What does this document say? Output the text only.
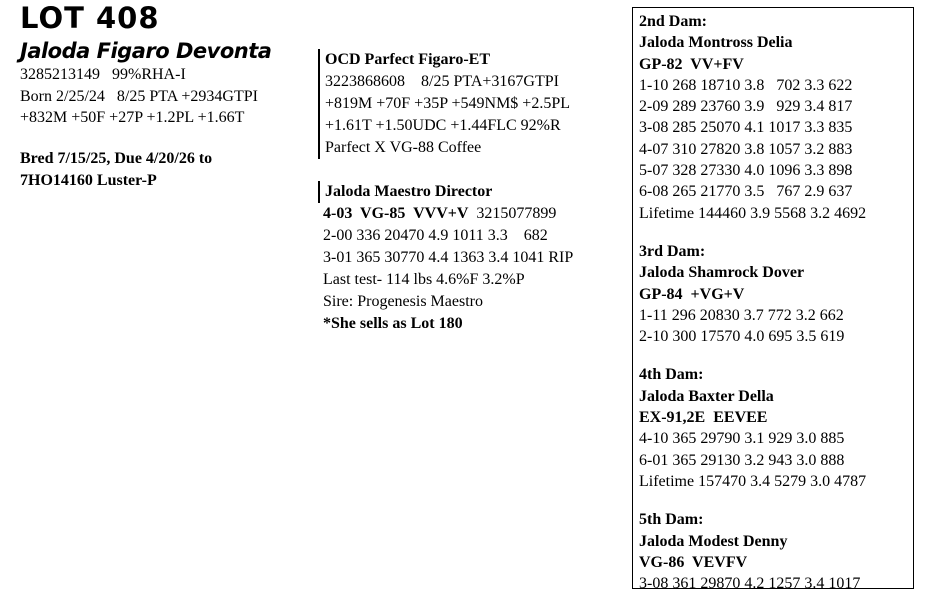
LOT 408
Jaloda Figaro Devonta
3285213149   99%RHA-I
Born 2/25/24   8/25 PTA +2934GTPI
+832M +50F +27P +1.2PL +1.66T
Bred 7/15/25, Due 4/20/26 to
7HO14160 Luster-P
OCD Parfect Figaro-ET
3223868608    8/25 PTA+3167GTPI
+819M +70F +35P +549NM$ +2.5PL
+1.61T +1.50UDC +1.44FLC 92%R
Parfect X VG-88 Coffee
Jaloda Maestro Director
4-03  VG-85  VVV+V  3215077899
2-00 336 20470 4.9 1011 3.3    682
3-01 365 30770 4.4 1363 3.4 1041 RIP
Last test- 114 lbs 4.6%F 3.2%P
Sire: Progenesis Maestro
*She sells as Lot 180
2nd Dam:
Jaloda Montross Delia
GP-82  VV+FV
1-10 268 18710 3.8   702 3.3 622
2-09 289 23760 3.9   929 3.4 817
3-08 285 25070 4.1 1017 3.3 835
4-07 310 27820 3.8 1057 3.2 883
5-07 328 27330 4.0 1096 3.3 898
6-08 265 21770 3.5   767 2.9 637
Lifetime 144460 3.9 5568 3.2 4692
3rd Dam:
Jaloda Shamrock Dover
GP-84  +VG+V
1-11 296 20830 3.7 772 3.2 662
2-10 300 17570 4.0 695 3.5 619
4th Dam:
Jaloda Baxter Della
EX-91,2E  EEVEE
4-10 365 29790 3.1 929 3.0 885
6-01 365 29130 3.2 943 3.0 888
Lifetime 157470 3.4 5279 3.0 4787
5th Dam:
Jaloda Modest Denny
VG-86  VEVFV
3-08 361 29870 4.2 1257 3.4 1017
